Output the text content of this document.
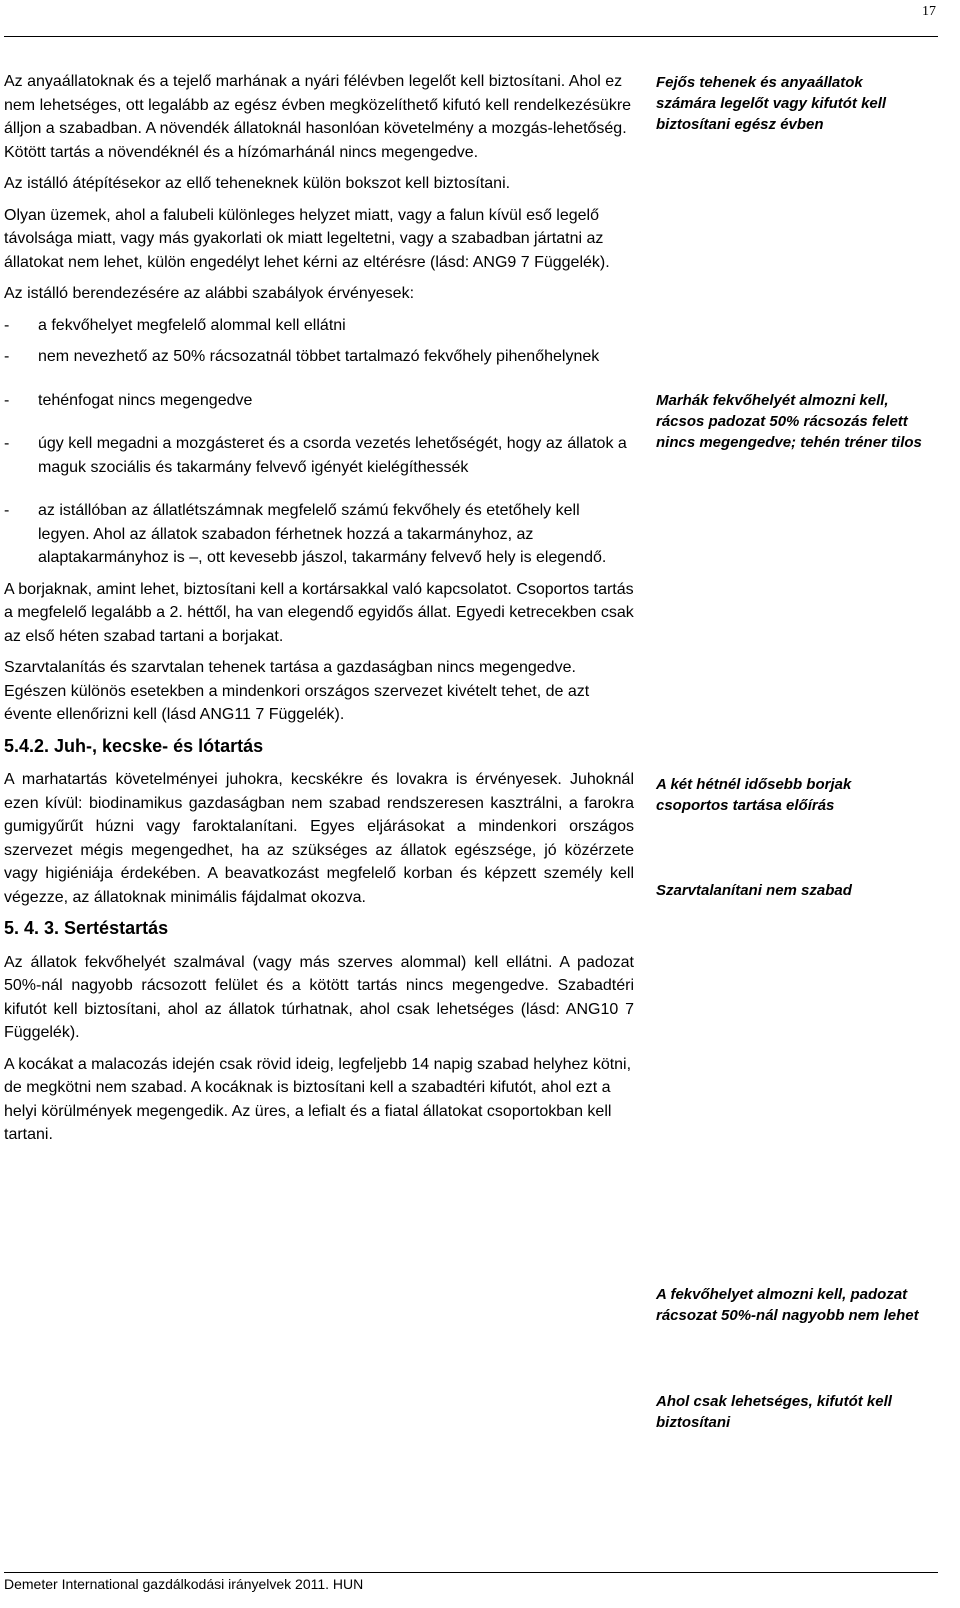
17

Az anyaállatoknak és a tejelő marhának a nyári félévben legelőt kell biztosítani. Ahol ez nem lehetséges, ott legalább az egész évben megközelíthető kifutó kell rendelkezésükre álljon a szabadban. A növendék állatoknál hasonlóan követelmény a mozgás-lehetőség. Kötött tartás a növendéknél és a hízómarhánál nincs megengedve.

Az istálló átépítésekor az ellő teheneknek külön bokszot kell biztosítani.

Olyan üzemek, ahol a falubeli különleges helyzet miatt, vagy a falun kívül eső legelő távolsága miatt, vagy más gyakorlati ok miatt legeltetni, vagy a szabadban jártatni az állatokat nem lehet, külön engedélyt lehet kérni az eltérésre (lásd: ANG9 7 Függelék).

Az istálló berendezésére az alábbi szabályok érvényesek:

-	a fekvőhelyet megfelelő alommal kell ellátni
-	nem nevezhető az 50% rácsozatnál többet tartalmazó fekvőhely pihenőhelynek
-	tehénfogat nincs megengedve
-	úgy kell megadni a mozgásteret és a csorda vezetés lehetőségét, hogy az állatok a maguk szociális és takarmány felvevő igényét kielégíthessék
-	az istállóban az állatlétszámnak megfelelő számú fekvőhely és etetőhely kell legyen. Ahol az állatok szabadon férhetnek hozzá a takarmányhoz, az alaptakarmányhoz is –, ott kevesebb jászol, takarmány felvevő hely is elegendő.

A borjaknak, amint lehet, biztosítani kell a kortársakkal való kapcsolatot. Csoportos tartás a megfelelő legalább a 2. héttől, ha van elegendő egyidős állat. Egyedi ketrecekben csak az első héten szabad tartani a borjakat.

Szarvtalanítás és szarvtalan tehenek tartása a gazdaságban nincs megengedve. Egészen különös esetekben a mindenkori országos szervezet kivételt tehet, de azt évente ellenőrizni kell (lásd ANG11 7 Függelék).

5.4.2. Juh-, kecske- és lótartás

A marhatartás követelményei juhokra, kecskékre és lovakra is érvényesek. Juhoknál ezen kívül: biodinamikus gazdaságban nem szabad rendszeresen kasztrálni, a farokra gumigyűrűt húzni vagy faroktalanítani. Egyes eljárásokat a mindenkori országos szervezet mégis megengedhet, ha az szükséges az állatok egészsége, jó közérzete vagy higiéniája érdekében. A beavatkozást megfelelő korban és képzett személy kell végezze, az állatoknak minimális fájdalmat okozva.

5. 4. 3. Sertéstartás

Az állatok fekvőhelyét szalmával (vagy más szerves alommal) kell ellátni. A padozat 50%-nál nagyobb rácsozott felület és a kötött tartás nincs megengedve. Szabadtéri kifutót kell biztosítani, ahol az állatok túrhatnak, ahol csak lehetséges (lásd: ANG10 7 Függelék).

A kocákat a malacozás idején csak rövid ideig, legfeljebb 14 napig szabad helyhez kötni, de megkötni nem szabad. A kocáknak is biztosítani kell a szabadtéri kifutót, ahol ezt a helyi körülmények megengedik. Az üres, a lefialt és a fiatal állatokat csoportokban kell tartani.

Fejős tehenek és anyaállatok számára legelőt vagy kifutót kell biztosítani egész évben
Marhák fekvőhelyét almozni kell, rácsos padozat 50% rácsozás felett nincs megengedve; tehén tréner tilos
A két hétnél idősebb borjak csoportos tartása előírás
Szarvtalanítani nem szabad
A fekvőhelyet almozni kell, padozat rácsozat 50%-nál nagyobb nem lehet
Ahol csak lehetséges, kifutót kell biztosítani
Demeter International gazdálkodási irányelvek 2011. HUN
